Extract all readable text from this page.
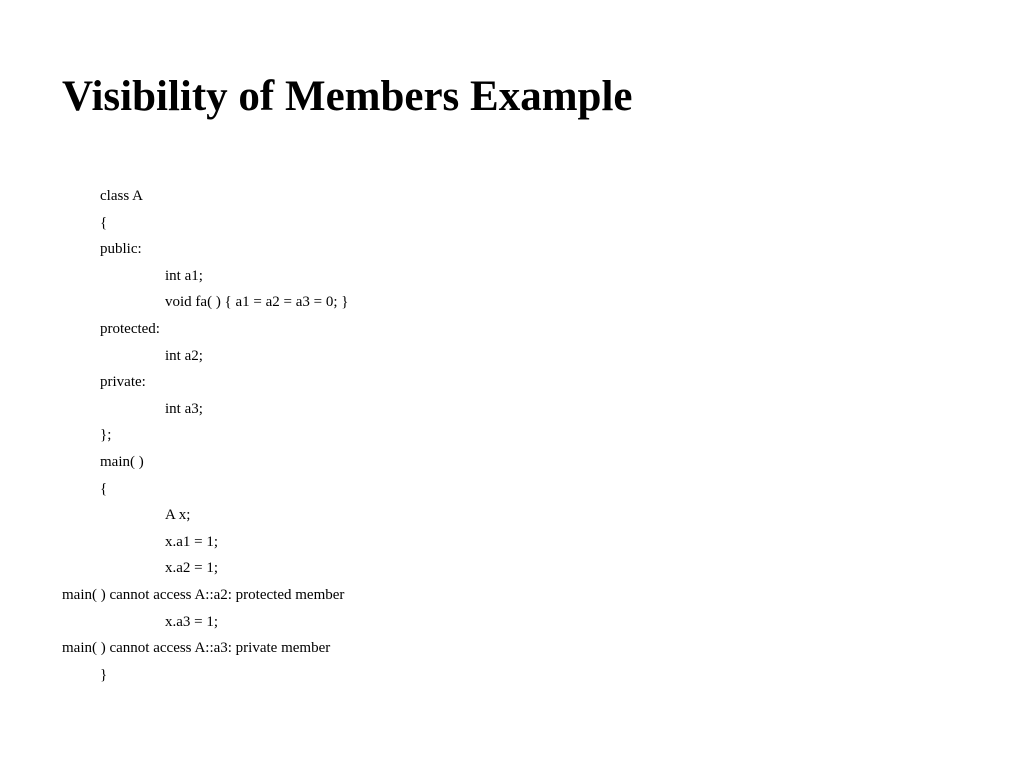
Visibility of Members Example
class A
{
public:
int a1;
void fa( ) { a1 = a2 = a3 = 0; }
protected:
int a2;
private:
int a3;
};
main( )
{
A x;
x.a1 = 1;
x.a2 = 1;
main( ) cannot access A::a2: protected member
x.a3 = 1;
main( ) cannot access A::a3: private member
}
